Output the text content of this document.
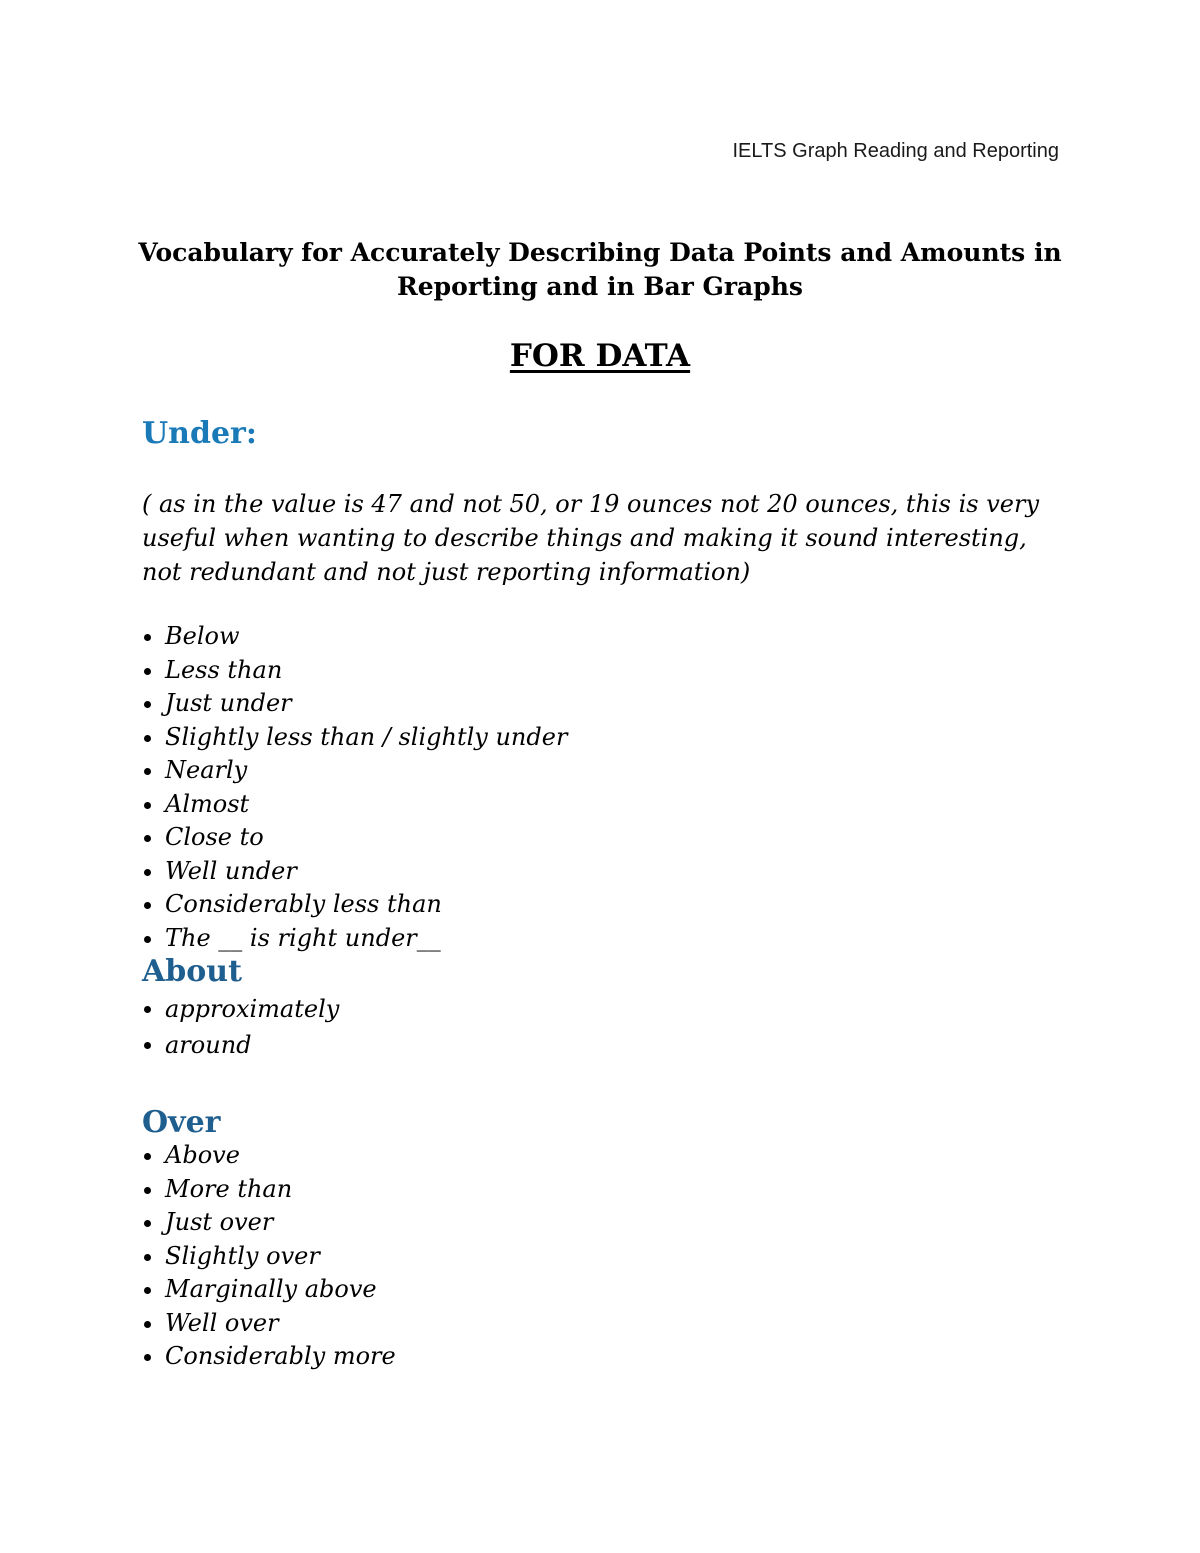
IELTS Graph Reading and Reporting
Vocabulary for Accurately Describing Data Points and Amounts in Reporting and in Bar Graphs
FOR DATA
Under:

( as in the value is 47 and not 50, or 19 ounces not 20 ounces, this is very useful when wanting to describe things and making it sound interesting, not redundant and not just reporting information)

Below
Less than
Just under
Slightly less than / slightly under
Nearly
Almost
Close to
Well under
Considerably less than
The __ is right under__
About
approximately
around
Over
Above
More than
Just over
Slightly over
Marginally above
Well over
Considerably more
